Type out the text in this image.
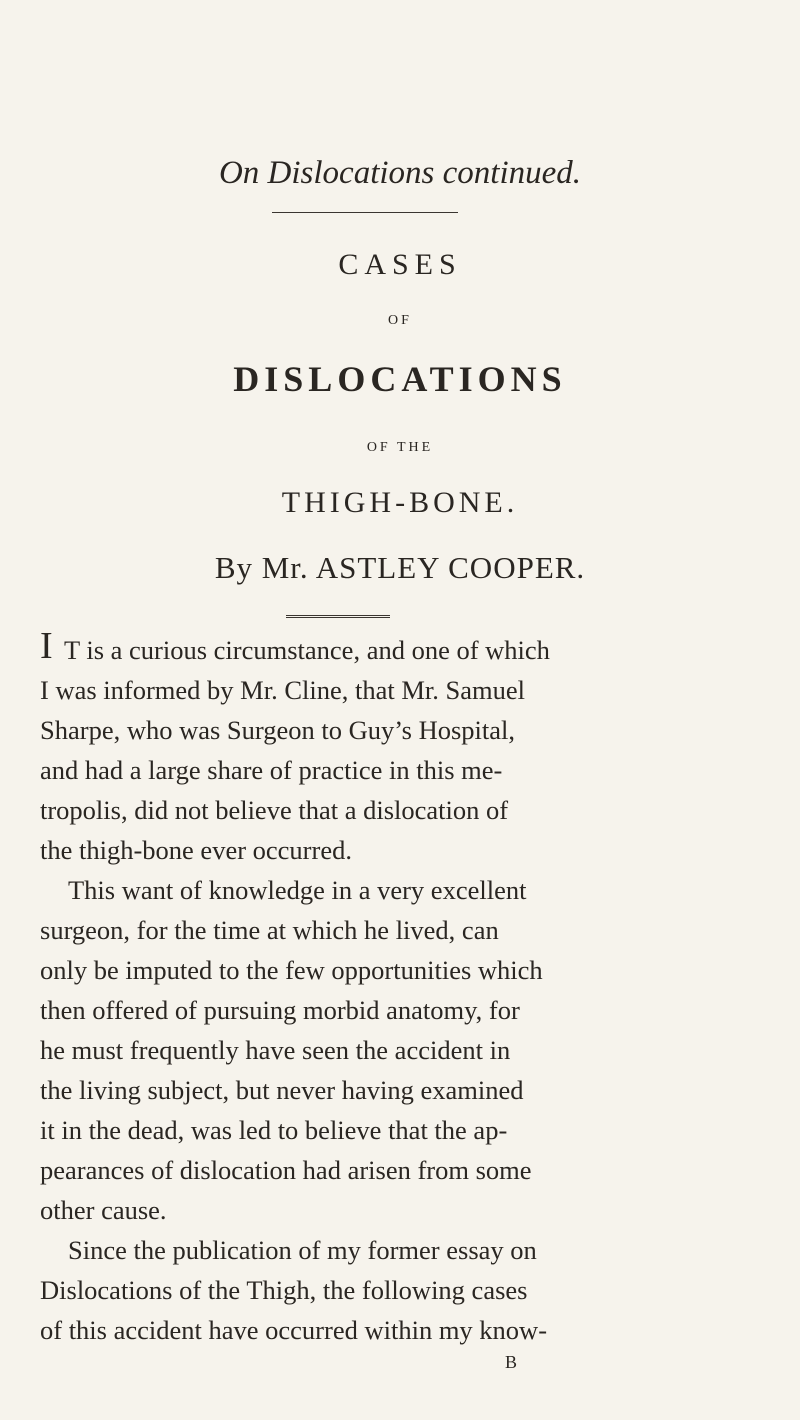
On Dislocations continued.
CASES
OF
DISLOCATIONS
OF THE
THIGH-BONE.
By Mr. ASTLEY COOPER.
I T is a curious circumstance, and one of which
I was informed by Mr. Cline, that Mr. Samuel
Sharpe, who was Surgeon to Guy’s Hospital,
and had a large share of practice in this me-
tropolis, did not believe that a dislocation of
the thigh-bone ever occurred.
This want of knowledge in a very excellent
surgeon, for the time at which he lived, can
only be imputed to the few opportunities which
then offered of pursuing morbid anatomy, for
he must frequently have seen the accident in
the living subject, but never having examined
it in the dead, was led to believe that the ap-
pearances of dislocation had arisen from some
other cause.
Since the publication of my former essay on
Dislocations of the Thigh, the following cases
of this accident have occurred within my know-
B
